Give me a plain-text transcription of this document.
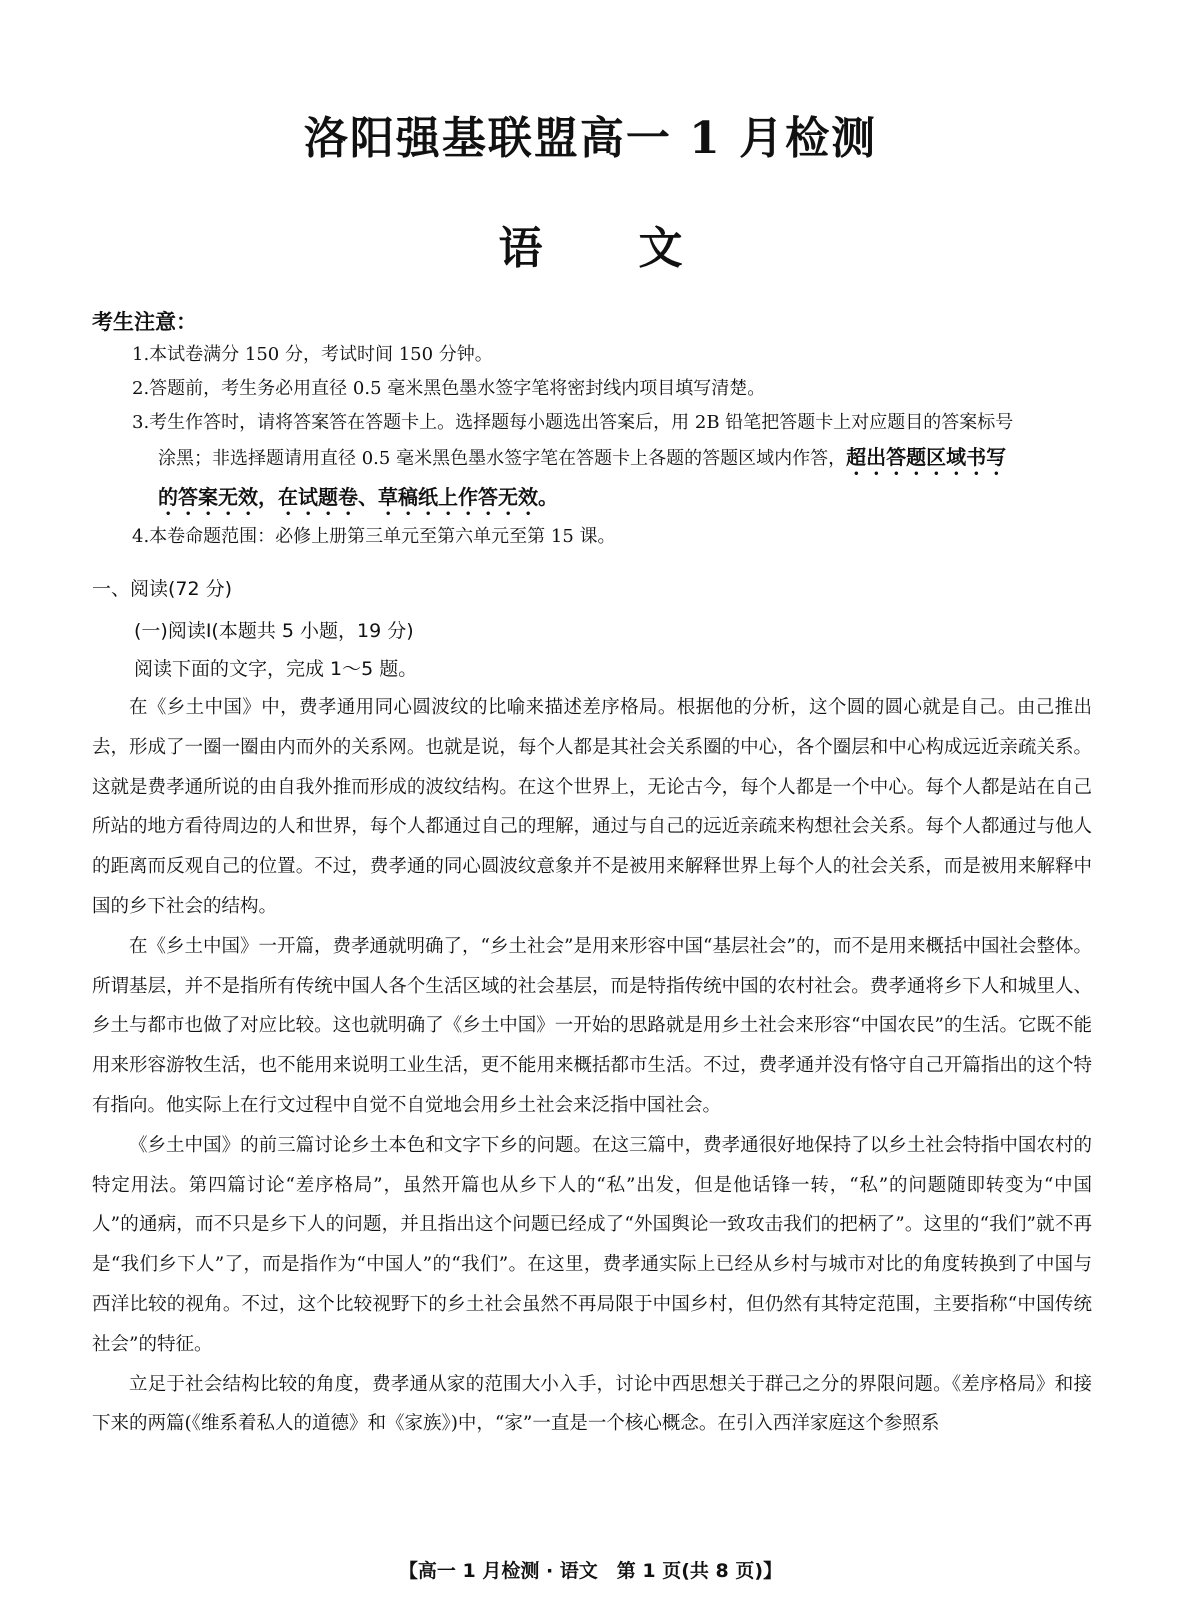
洛阳强基联盟高一 1 月检测
语文
考生注意：

1.本试卷满分 150 分，考试时间 150 分钟。

2.答题前，考生务必用直径 0.5 毫米黑色墨水签字笔将密封线内项目填写清楚。

3.考生作答时，请将答案答在答题卡上。选择题每小题选出答案后，用 2B 铅笔把答题卡上对应题目的答案标号

涂黑；非选择题请用直径 0.5 毫米黑色墨水签字笔在答题卡上各题的答题区域内作答，超出答题区域书写

的答案无效，在试题卷、草稿纸上作答无效。

4.本卷命题范围：必修上册第三单元至第六单元至第 15 课。

一、阅读(72 分)
(一)阅读Ⅰ(本题共 5 小题，19 分)
阅读下面的文字，完成 1～5 题。

在《乡土中国》中，费孝通用同心圆波纹的比喻来描述差序格局。根据他的分析，这个圆的圆心就是自己。由己推出去，形成了一圈一圈由内而外的关系网。也就是说，每个人都是其社会关系圈的中心，各个圈层和中心构成远近亲疏关系。这就是费孝通所说的由自我外推而形成的波纹结构。在这个世界上，无论古今，每个人都是一个中心。每个人都是站在自己所站的地方看待周边的人和世界，每个人都通过自己的理解，通过与自己的远近亲疏来构想社会关系。每个人都通过与他人的距离而反观自己的位置。不过，费孝通的同心圆波纹意象并不是被用来解释世界上每个人的社会关系，而是被用来解释中国的乡下社会的结构。

在《乡土中国》一开篇，费孝通就明确了，“乡土社会”是用来形容中国“基层社会”的，而不是用来概括中国社会整体。所谓基层，并不是指所有传统中国人各个生活区域的社会基层，而是特指传统中国的农村社会。费孝通将乡下人和城里人、乡土与都市也做了对应比较。这也就明确了《乡土中国》一开始的思路就是用乡土社会来形容“中国农民”的生活。它既不能用来形容游牧生活，也不能用来说明工业生活，更不能用来概括都市生活。不过，费孝通并没有恪守自己开篇指出的这个特有指向。他实际上在行文过程中自觉不自觉地会用乡土社会来泛指中国社会。

《乡土中国》的前三篇讨论乡土本色和文字下乡的问题。在这三篇中，费孝通很好地保持了以乡土社会特指中国农村的特定用法。第四篇讨论“差序格局”，虽然开篇也从乡下人的“私”出发，但是他话锋一转，“私”的问题随即转变为“中国人”的通病，而不只是乡下人的问题，并且指出这个问题已经成了“外国舆论一致攻击我们的把柄了”。这里的“我们”就不再是“我们乡下人”了，而是指作为“中国人”的“我们”。在这里，费孝通实际上已经从乡村与城市对比的角度转换到了中国与西洋比较的视角。不过，这个比较视野下的乡土社会虽然不再局限于中国乡村，但仍然有其特定范围，主要指称“中国传统社会”的特征。

立足于社会结构比较的角度，费孝通从家的范围大小入手，讨论中西思想关于群己之分的界限问题。《差序格局》和接下来的两篇(《维系着私人的道德》和《家族》)中，“家”一直是一个核心概念。在引入西洋家庭这个参照系

【高一 1 月检测 · 语文　第 1 页(共 8 页)】
